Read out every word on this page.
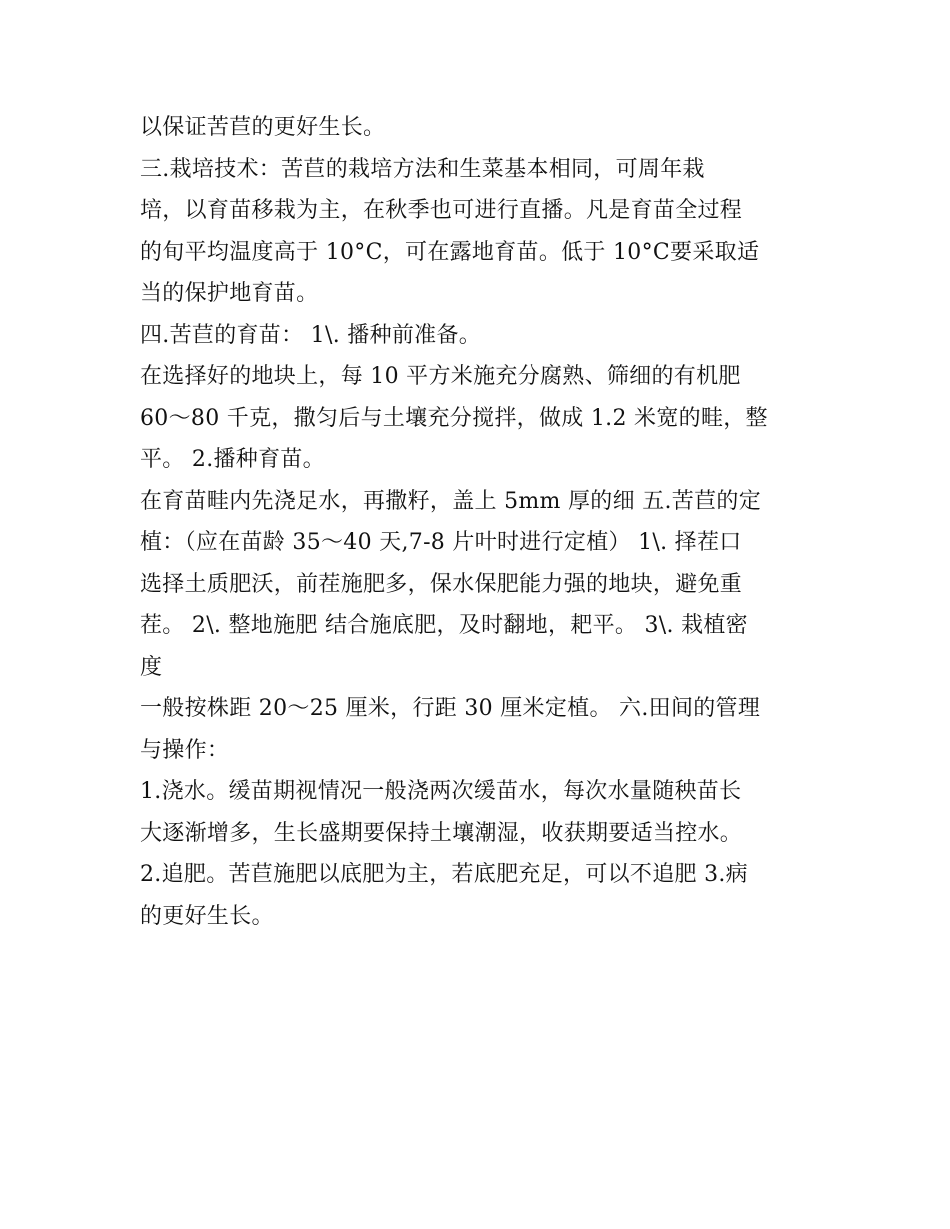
以保证苦苣的更好生长。
三.栽培技术：苦苣的栽培方法和生菜基本相同，可周年栽
培，以育苗移栽为主，在秋季也可进行直播。凡是育苗全过程
的旬平均温度高于 10°C，可在露地育苗。低于 10°C要采取适
当的保护地育苗。
四.苦苣的育苗： 1\. 播种前准备。
在选择好的地块上，每 10 平方米施充分腐熟、筛细的有机肥
60～80 千克，撒匀后与土壤充分搅拌，做成 1.2 米宽的畦，整
平。 2.播种育苗。
在育苗畦内先浇足水，再撒籽，盖上 5mm 厚的细 五.苦苣的定
植：（应在苗龄 35～40 天,7-8 片叶时进行定植） 1\. 择茬口
选择土质肥沃，前茬施肥多，保水保肥能力强的地块，避免重
茬。 2\. 整地施肥 结合施底肥，及时翻地，耙平。 3\. 栽植密
度
一般按株距 20～25 厘米，行距 30 厘米定植。 六.田间的管理
与操作：
1.浇水。缓苗期视情况一般浇两次缓苗水，每次水量随秧苗长
大逐渐增多，生长盛期要保持土壤潮湿，收获期要适当控水。
2.追肥。苦苣施肥以底肥为主，若底肥充足，可以不追肥 3.病
的更好生长。
